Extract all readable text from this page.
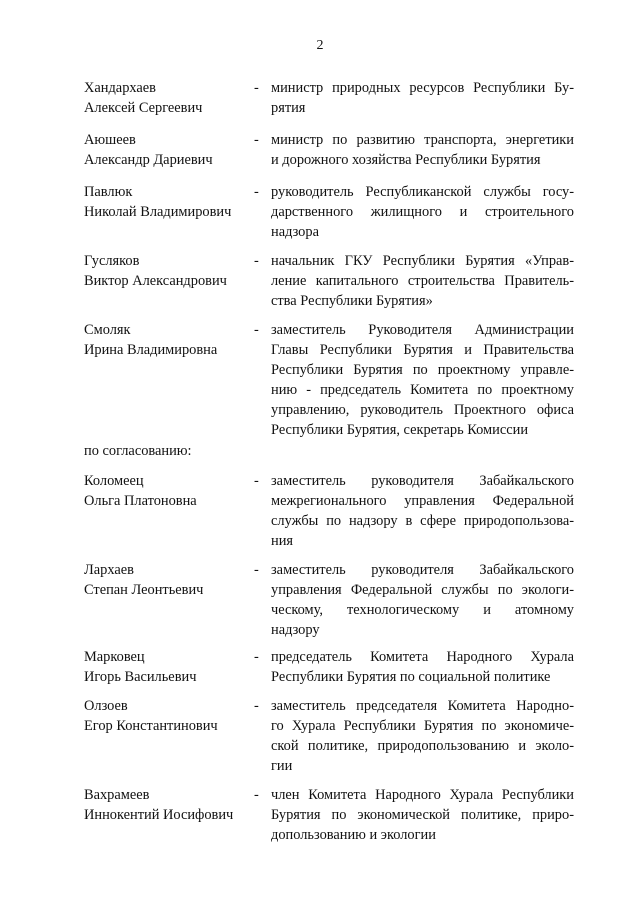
2
Хандархаев
Алексей Сергеевич
- министр природных ресурсов Республики Бу-
рятия
Аюшеев
Александр Дариевич
- министр по развитию транспорта, энергетики
и дорожного хозяйства Республики Бурятия
Павлюк
Николай Владимирович
- руководитель Республиканской службы госу-
дарственного жилищного и строительного
надзора
Гусляков
Виктор Александрович
- начальник ГКУ Республики Бурятия «Управ-
ление капитального строительства Правитель-
ства Республики Бурятия»
Смоляк
Ирина Владимировна
- заместитель Руководителя Администрации
Главы Республики Бурятия и Правительства
Республики Бурятия по проектному управле-
нию - председатель Комитета по проектному
управлению, руководитель Проектного офиса
Республики Бурятия, секретарь Комиссии
по согласованию:
Коломеец
Ольга Платоновна
- заместитель руководителя Забайкальского
межрегионального управления Федеральной
службы по надзору в сфере природопользова-
ния
Лархаев
Степан Леонтьевич
- заместитель руководителя Забайкальского
управления Федеральной службы по экологи-
ческому, технологическому и атомному
надзору
Марковец
Игорь Васильевич
- председатель Комитета Народного Хурала
Республики Бурятия по социальной политике
Олзоев
Егор Константинович
- заместитель председателя Комитета Народно-
го Хурала Республики Бурятия по экономиче-
ской политике, природопользованию и эколо-
гии
Вахрамеев
Иннокентий Иосифович
- член Комитета Народного Хурала Республики
Бурятия по экономической политике, приро-
допользованию и экологии
